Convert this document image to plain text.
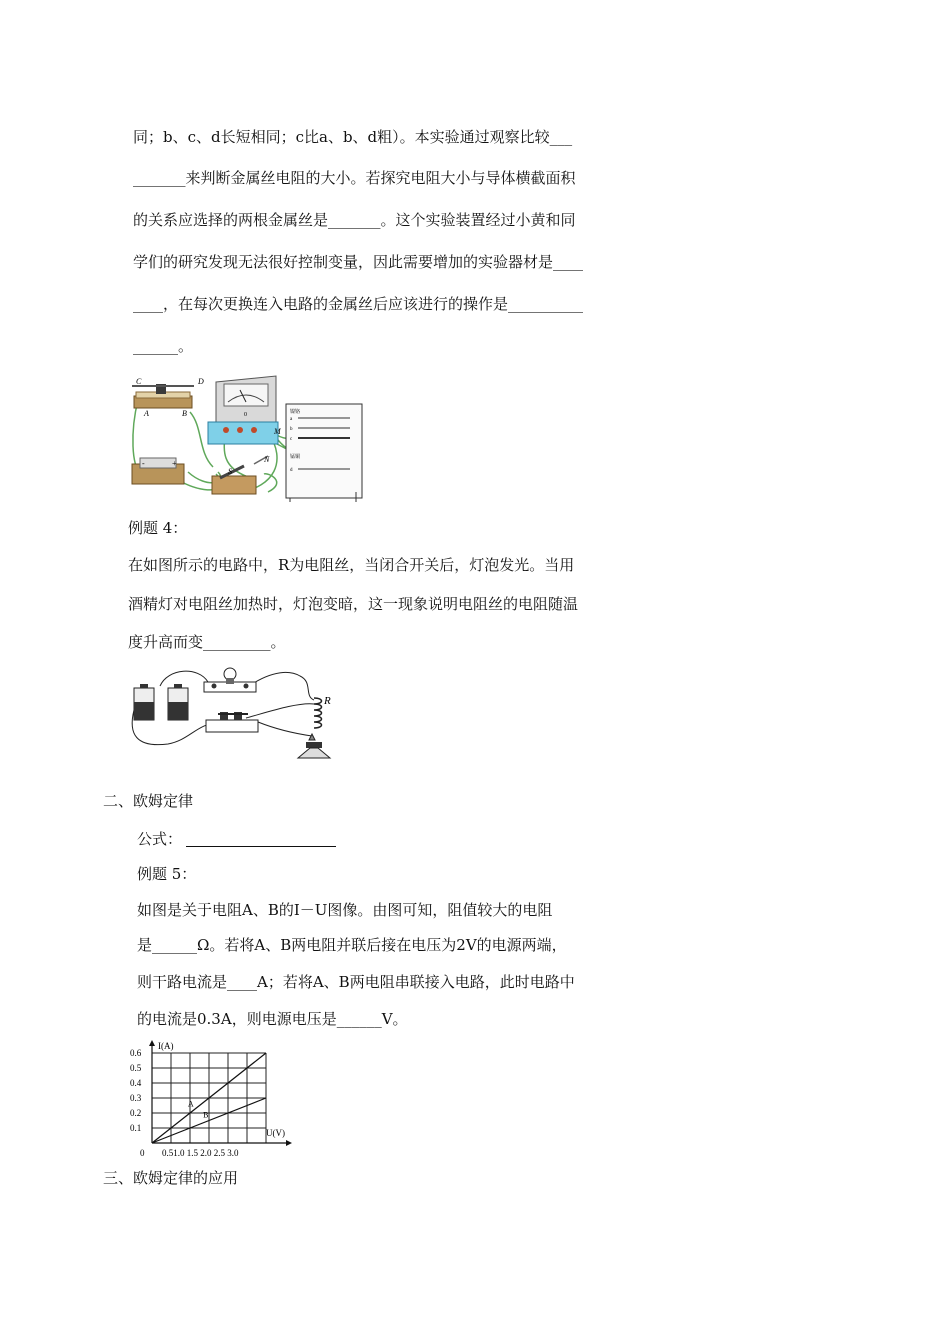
同；b、c、d长短相同；c比a、b、d粗）。本实验通过观察比较___
_______来判断金属丝电阻的大小。若探究电阻大小与导体横截面积
的关系应选择的两根金属丝是_______。这个实验装置经过小黄和同
学们的研究发现无法很好控制变量，因此需要增加的实验器材是____
____，在每次更换连入电路的金属丝后应该进行的操作是__________
______。
C	D
A	B
M
N
S
0
-	+
镍铬
a
b
c
锰铜
d
例题 4：
在如图所示的电路中，R为电阻丝，当闭合开关后，灯泡发光。当用
酒精灯对电阻丝加热时，灯泡变暗，这一现象说明电阻丝的电阻随温
度升高而变_________。
R
二、欧姆定律
公式：
例题 5：
如图是关于电阻A、B的I－U图像。由图可知，阻值较大的电阻
是______Ω。若将A、B两电阻并联后接在电压为2V的电源两端，
则干路电流是____A；若将A、B两电阻串联接入电路，此时电路中
的电流是0.3A，则电源电压是______V。
A
B
0.1
0.2
0.3
0.4
0.5
0.6
I(A)
U(V)
0 0.51.0 1.5 2.0 2.5 3.0
三、欧姆定律的应用
